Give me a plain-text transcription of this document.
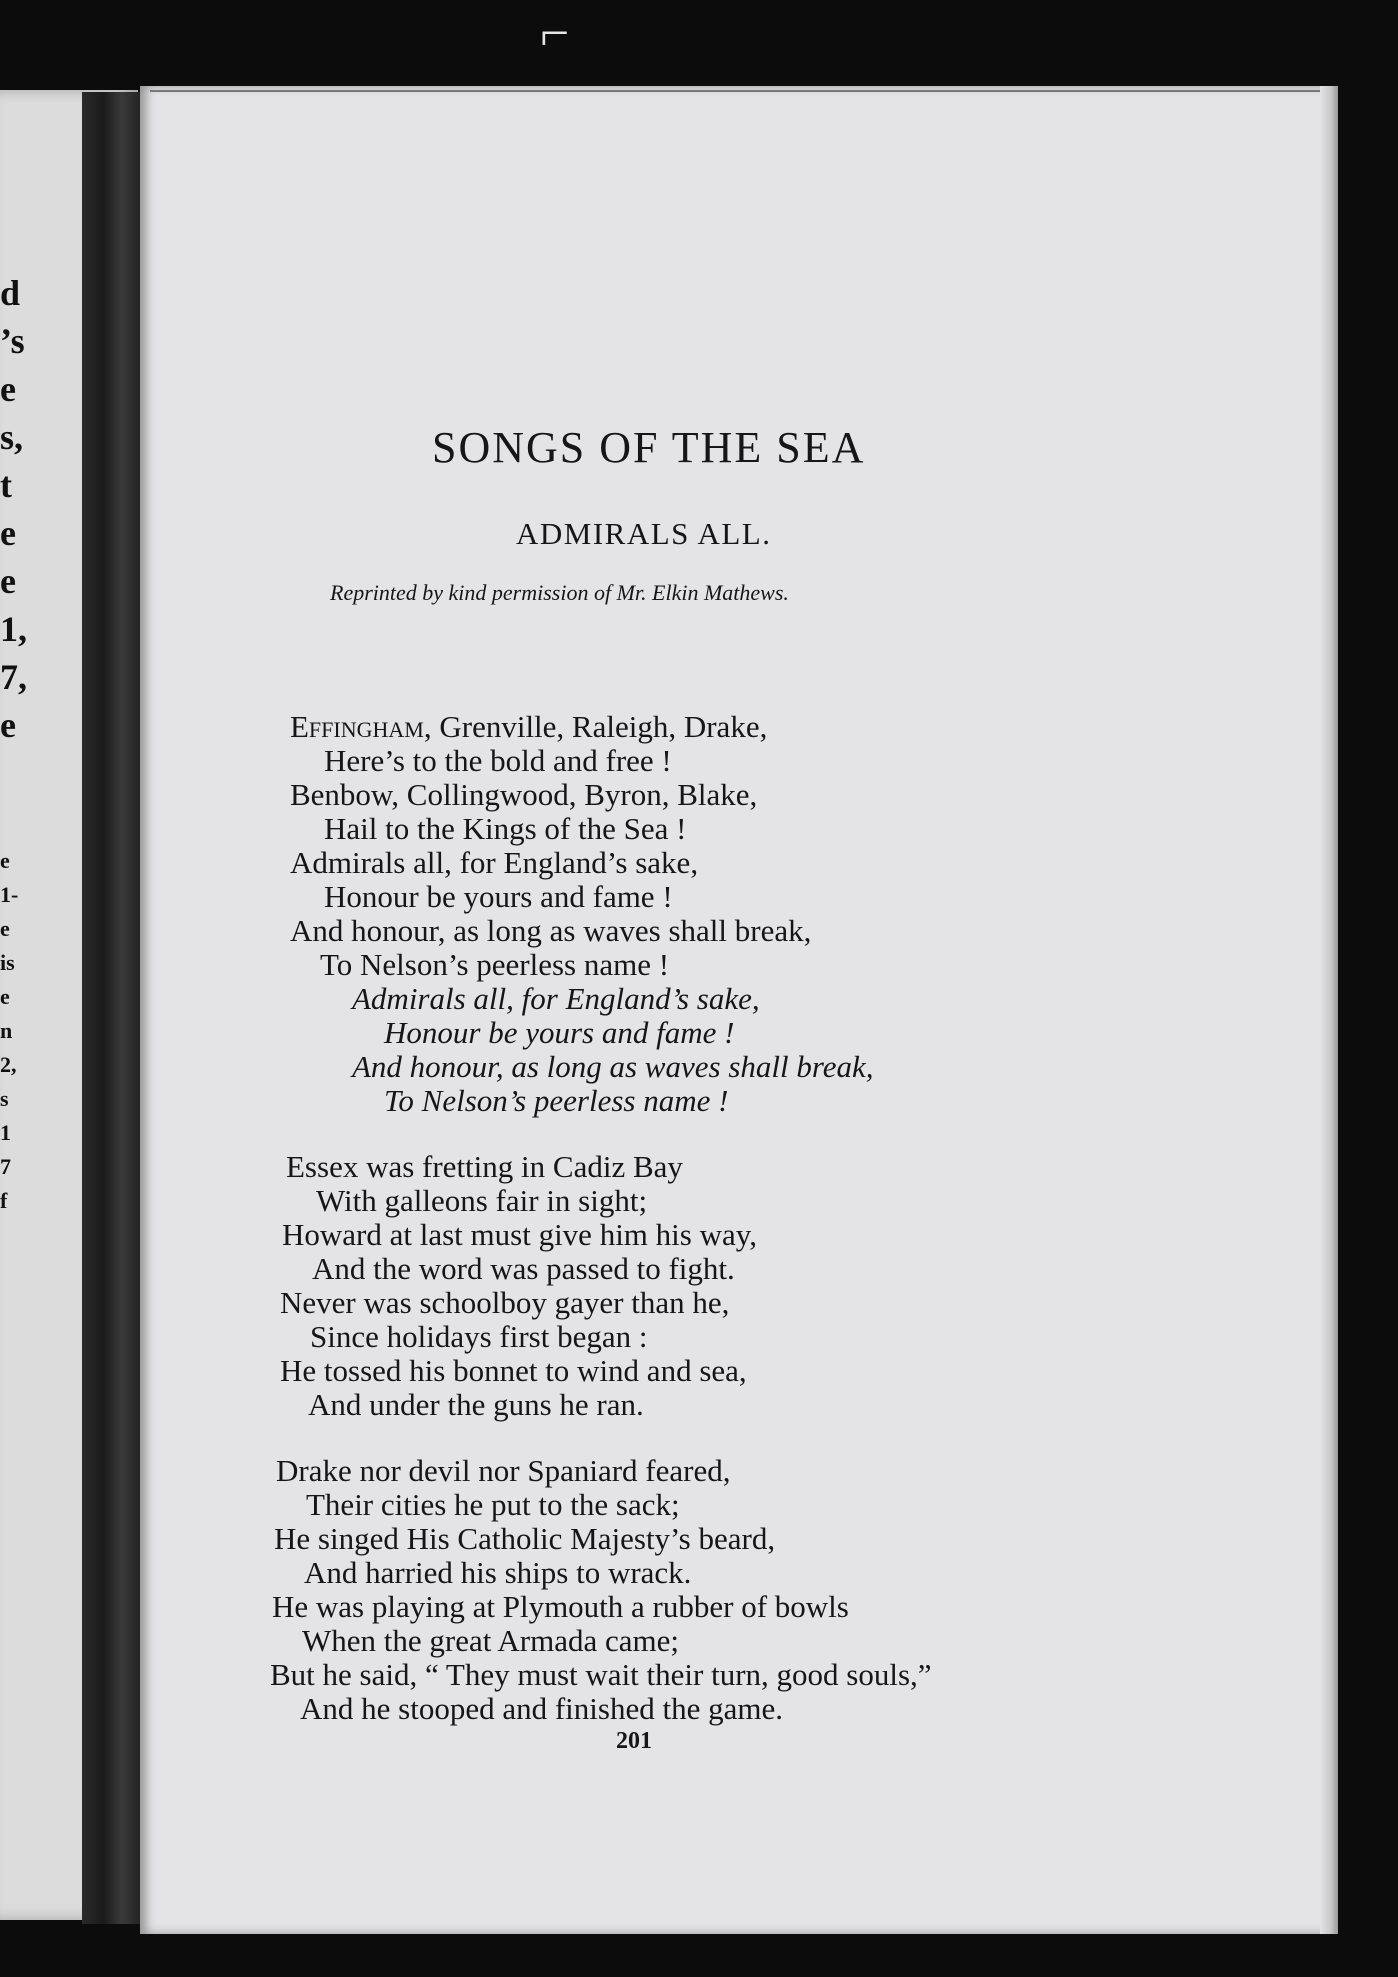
⌐
d
’s
e
s,
t
e
e
1,
7,
e
e
1-
e
is
e
n
2,
s
1
7
f
SONGS OF THE SEA
ADMIRALS ALL.
Reprinted by kind permission of Mr. Elkin Mathews.
Effingham, Grenville, Raleigh, Drake,
Here’s to the bold and free !
Benbow, Collingwood, Byron, Blake,
Hail to the Kings of the Sea !
Admirals all, for England’s sake,
Honour be yours and fame !
And honour, as long as waves shall break,
To Nelson’s peerless name !
Admirals all, for England’s sake,
Honour be yours and fame !
And honour, as long as waves shall break,
To Nelson’s peerless name !
Essex was fretting in Cadiz Bay
With galleons fair in sight;
Howard at last must give him his way,
And the word was passed to fight.
Never was schoolboy gayer than he,
Since holidays first began :
He tossed his bonnet to wind and sea,
And under the guns he ran.
Drake nor devil nor Spaniard feared,
Their cities he put to the sack;
He singed His Catholic Majesty’s beard,
And harried his ships to wrack.
He was playing at Plymouth a rubber of bowls
When the great Armada came;
But he said, “ They must wait their turn, good souls,”
And he stooped and finished the game.
201
